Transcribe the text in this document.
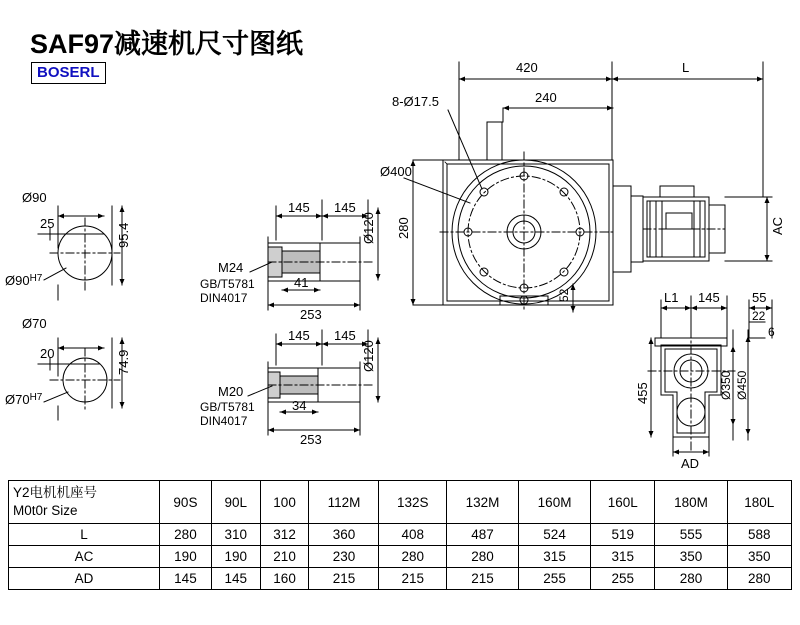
SAF97减速机尺寸图纸
BOSERL
Ø90
25
$Ø90^{H7}$
95.4
Ø70
20
$Ø70^{H7}$
74.9
145 145
Ø120
M24
GB/T5781
DIN4017
41
253
145 145
Ø120
M20
GB/T5781
DIN4017
34
253
420	L
8-Ø17.5	240
Ø400
280
52
AC
L1 145 55
22
6
455	Ø350 Ø450
AD
Y2电机机座号
M0t0r Size	90S	90L	100	112M	132S	132M	160M	160L	180M	180L
L	280	310	312	360	408	487	524	519	555	588
AC	190	190	210	230	280	280	315	315	350	350
AD	145	145	160	215	215	215	255	255	280	280
